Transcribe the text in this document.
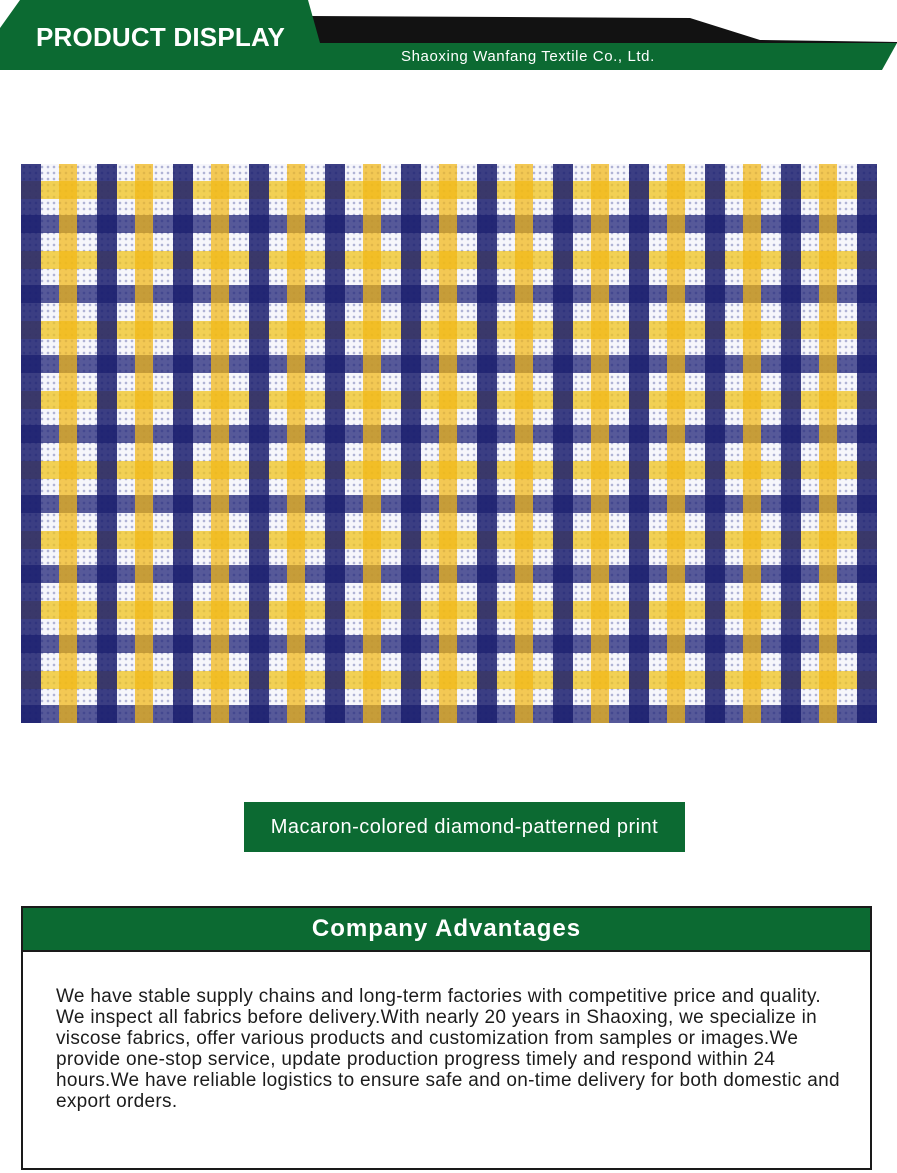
PRODUCT DISPLAY
Shaoxing Wanfang Textile Co., Ltd.
Macaron-colored diamond-patterned print
Company Advantages
We have stable supply chains and long-term factories with competitive price and quality. We inspect all fabrics before delivery.With nearly 20 years in Shaoxing, we specialize in viscose fabrics, offer various products and customization from samples or images.We provide one-stop service, update production progress timely and respond within 24 hours.We have reliable logistics to ensure safe and on-time delivery for both domestic and export orders.
